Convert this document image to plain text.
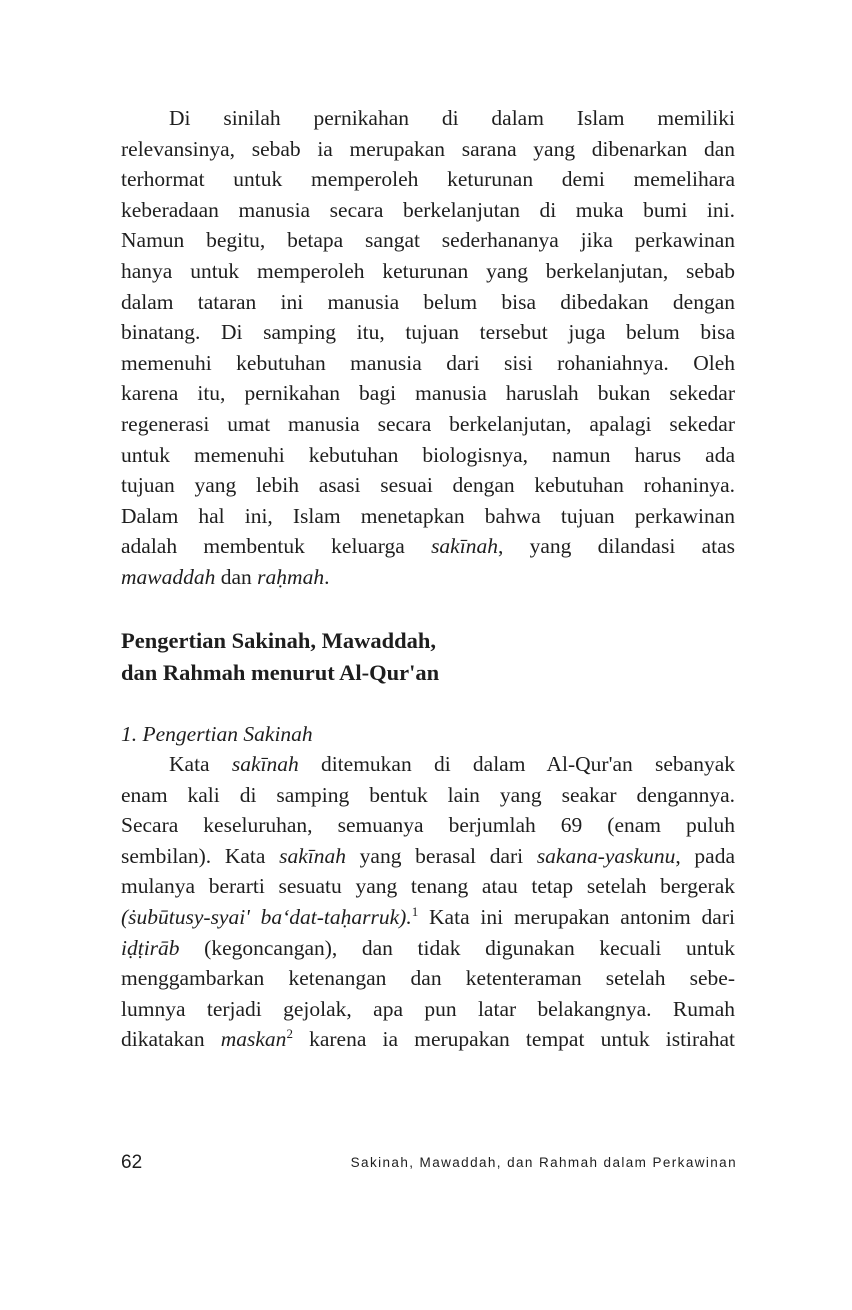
Di sinilah pernikahan di dalam Islam memiliki
relevansinya, sebab ia merupakan sarana yang dibenarkan dan
terhormat untuk memperoleh keturunan demi memelihara
keberadaan manusia secara berkelanjutan di muka bumi ini.
Namun begitu, betapa sangat sederhananya jika perkawinan
hanya untuk memperoleh keturunan yang berkelanjutan, sebab
dalam tataran ini manusia belum bisa dibedakan dengan
binatang. Di samping itu, tujuan tersebut juga belum bisa
memenuhi kebutuhan manusia dari sisi rohaniahnya. Oleh
karena itu, pernikahan bagi manusia haruslah bukan sekedar
regenerasi umat manusia secara berkelanjutan, apalagi sekedar
untuk memenuhi kebutuhan biologisnya, namun harus ada
tujuan yang lebih asasi sesuai dengan kebutuhan rohaninya.
Dalam hal ini, Islam menetapkan bahwa tujuan perkawinan
adalah membentuk keluarga sakīnah, yang dilandasi atas
mawaddah dan raḥmah.
Pengertian Sakinah, Mawaddah,
dan Rahmah menurut Al-Qur'an
1. Pengertian Sakinah
Kata sakīnah ditemukan di dalam Al-Qur'an sebanyak
enam kali di samping bentuk lain yang seakar dengannya.
Secara keseluruhan, semuanya berjumlah 69 (enam puluh
sembilan). Kata sakīnah yang berasal dari sakana-yaskunu, pada
mulanya berarti sesuatu yang tenang atau tetap setelah bergerak
(ṡubūtusy-syai' ba‘dat-taḥarruk).$^1$ Kata ini merupakan antonim dari
iḍṭirāb (kegoncangan), dan tidak digunakan kecuali untuk
menggambarkan ketenangan dan ketenteraman setelah sebe-
lumnya terjadi gejolak, apa pun latar belakangnya. Rumah
dikatakan maskan$^2$ karena ia merupakan tempat untuk istirahat
62	Sakinah, Mawaddah, dan Rahmah dalam Perkawinan
